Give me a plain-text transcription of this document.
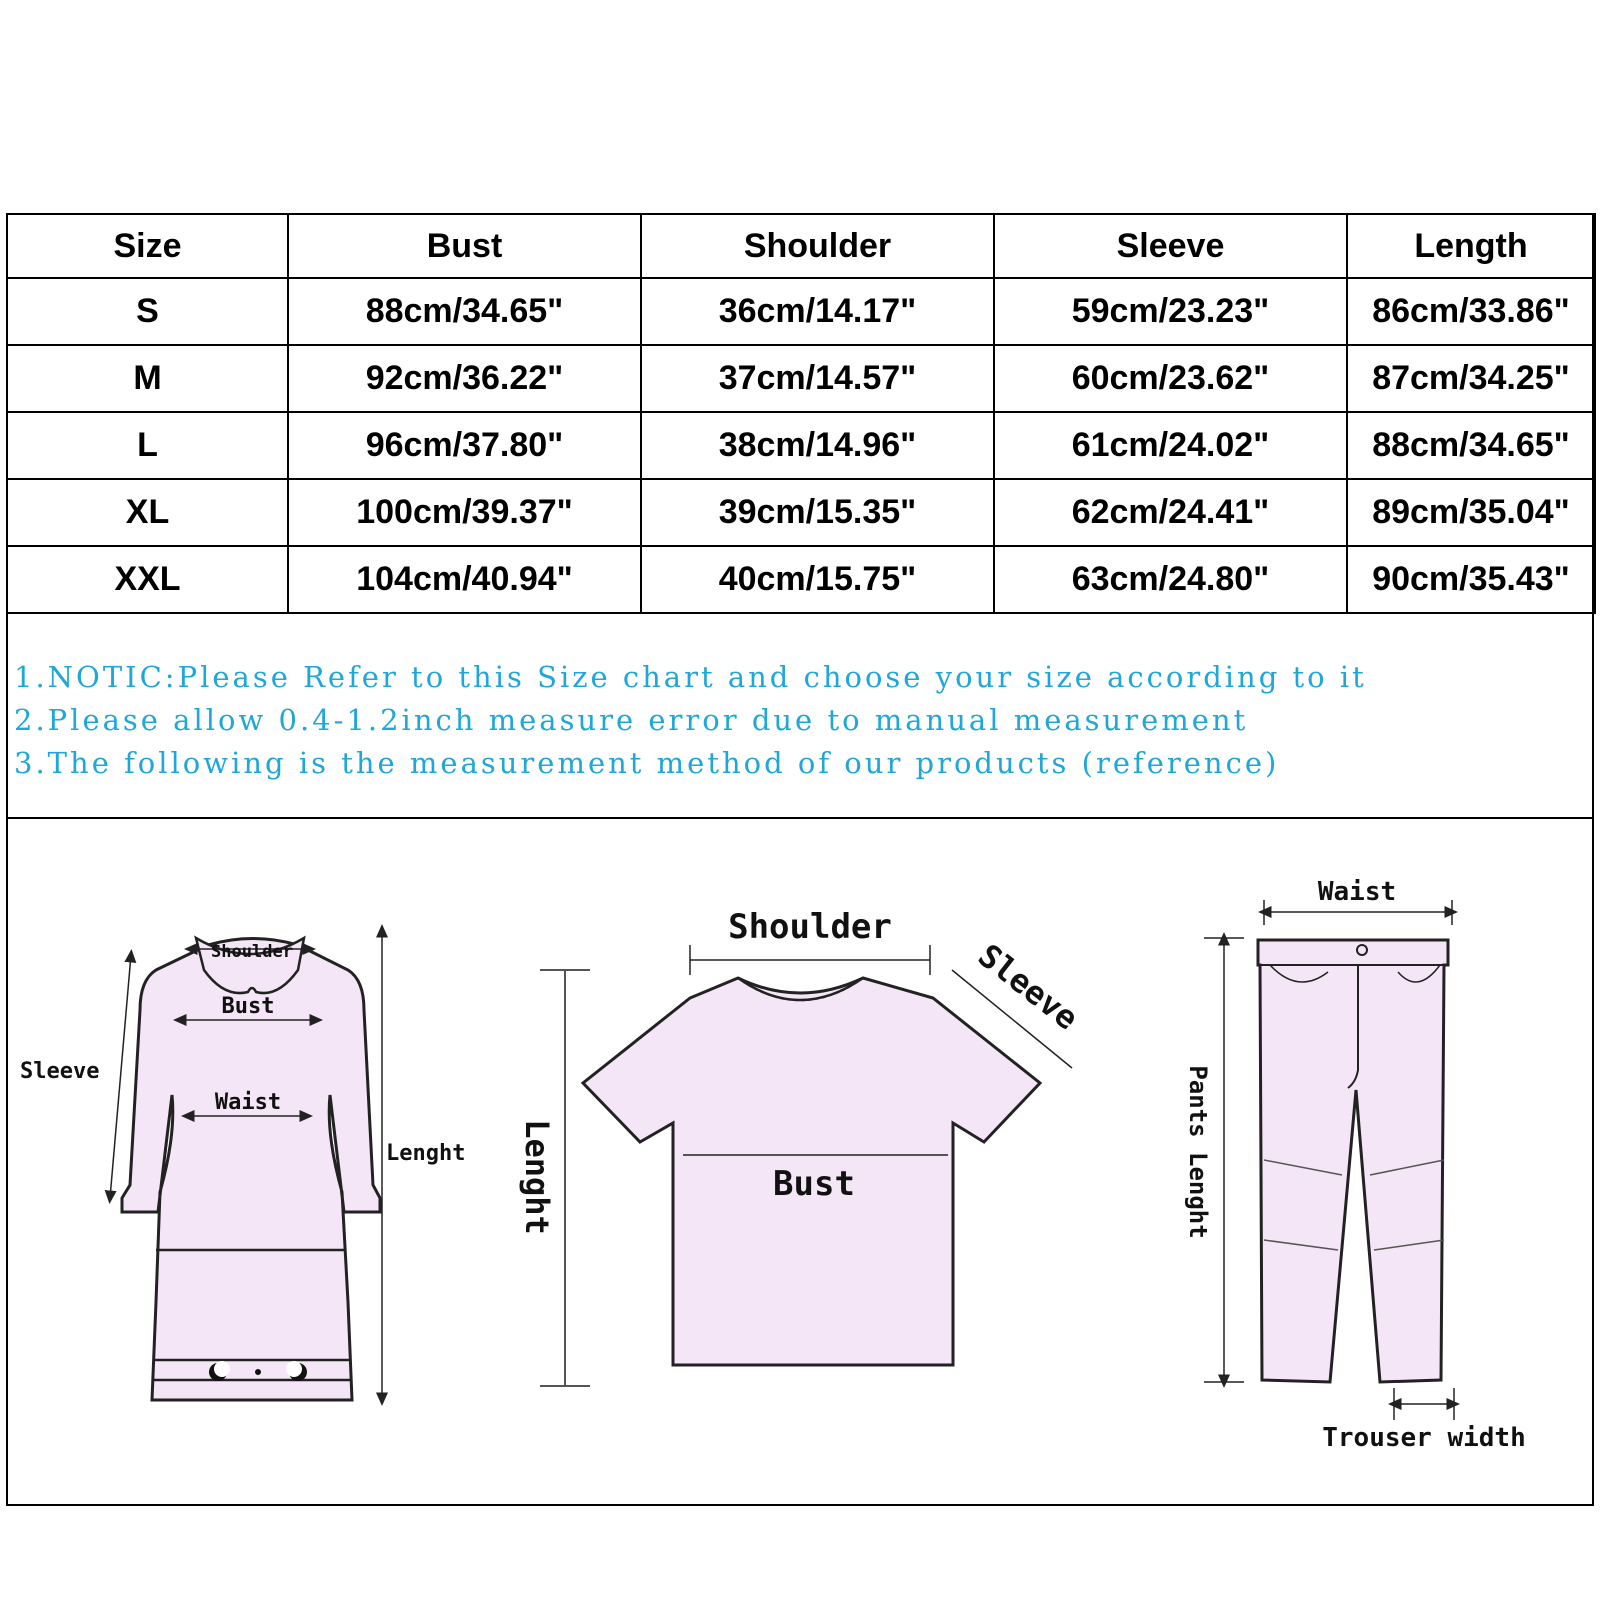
Size	Bust	Shoulder	Sleeve	Length
S	88cm/34.65"	36cm/14.17"	59cm/23.23"	86cm/33.86"
M	92cm/36.22"	37cm/14.57"	60cm/23.62"	87cm/34.25"
L	96cm/37.80"	38cm/14.96"	61cm/24.02"	88cm/34.65"
XL	100cm/39.37"	39cm/15.35"	62cm/24.41"	89cm/35.04"
XXL	104cm/40.94"	40cm/15.75"	63cm/24.80"	90cm/35.43"
1.NOTIC:Please Refer to this Size chart and choose your size according to it
2.Please allow 0.4-1.2inch measure error due to manual measurement
3.The following is the measurement method of our products (reference)
Shoulder
Bust
Waist
Sleeve
Lenght
Shoulder
Sleeve
Bust
Lenght
Waist
Pants Lenght
Trouser width
